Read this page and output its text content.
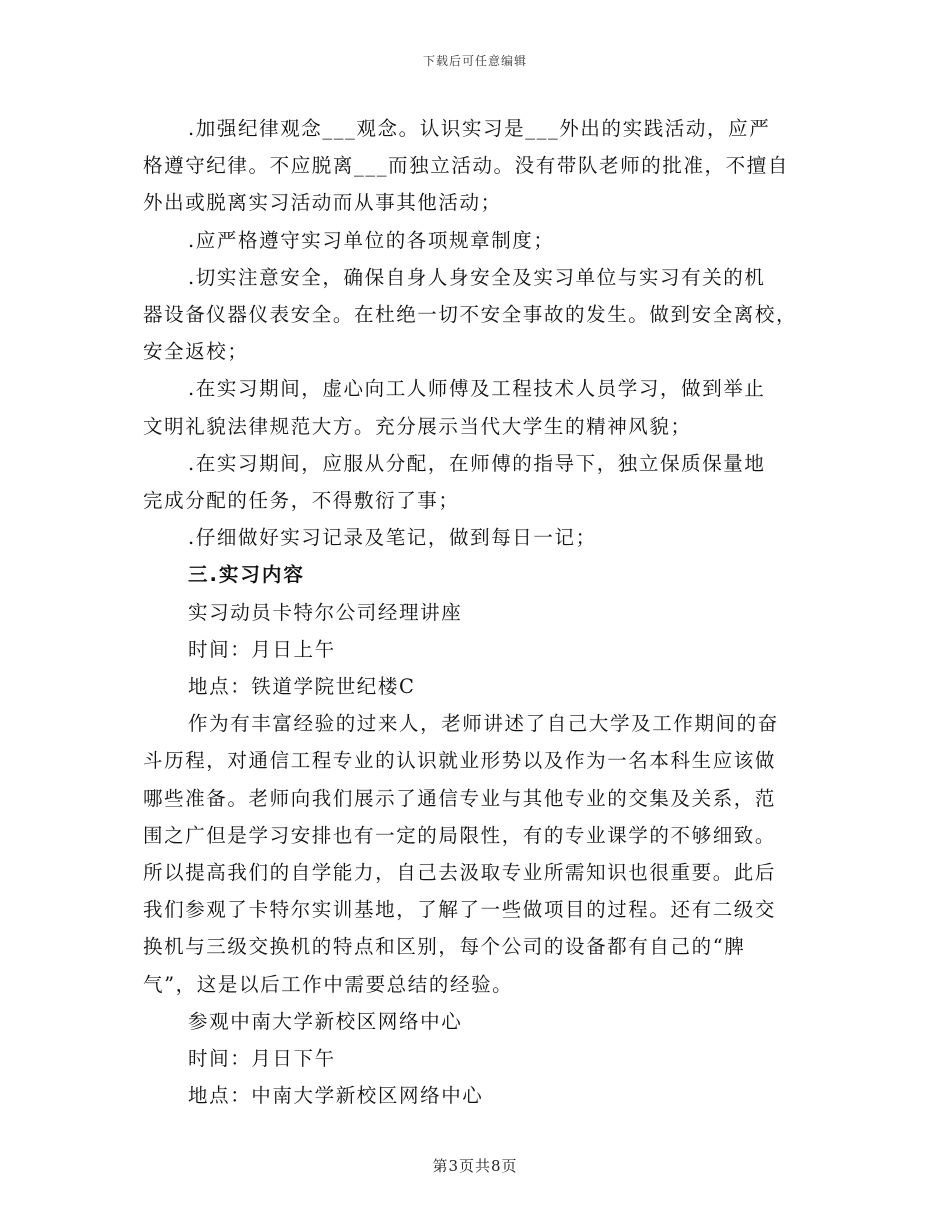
下载后可任意编辑

.加强纪律观念___观念。认识实习是___外出的实践活动，应严

格遵守纪律。不应脱离___而独立活动。没有带队老师的批准，不擅自

外出或脱离实习活动而从事其他活动；

.应严格遵守实习单位的各项规章制度；

.切实注意安全，确保自身人身安全及实习单位与实习有关的机

器设备仪器仪表安全。在杜绝一切不安全事故的发生。做到安全离校，

安全返校；

.在实习期间，虚心向工人师傅及工程技术人员学习，做到举止

文明礼貌法律规范大方。充分展示当代大学生的精神风貌；

.在实习期间，应服从分配，在师傅的指导下，独立保质保量地

完成分配的任务，不得敷衍了事；

.仔细做好实习记录及笔记，做到每日一记；

三.实习内容

实习动员卡特尔公司经理讲座

时间：月日上午

地点：铁道学院世纪楼C

作为有丰富经验的过来人，老师讲述了自己大学及工作期间的奋

斗历程，对通信工程专业的认识就业形势以及作为一名本科生应该做

哪些准备。老师向我们展示了通信专业与其他专业的交集及关系，范

围之广但是学习安排也有一定的局限性，有的专业课学的不够细致。

所以提高我们的自学能力，自己去汲取专业所需知识也很重要。此后

我们参观了卡特尔实训基地，了解了一些做项目的过程。还有二级交

换机与三级交换机的特点和区别，每个公司的设备都有自己的“脾

气”，这是以后工作中需要总结的经验。

参观中南大学新校区网络中心

时间：月日下午

地点：中南大学新校区网络中心

第3页共8页
